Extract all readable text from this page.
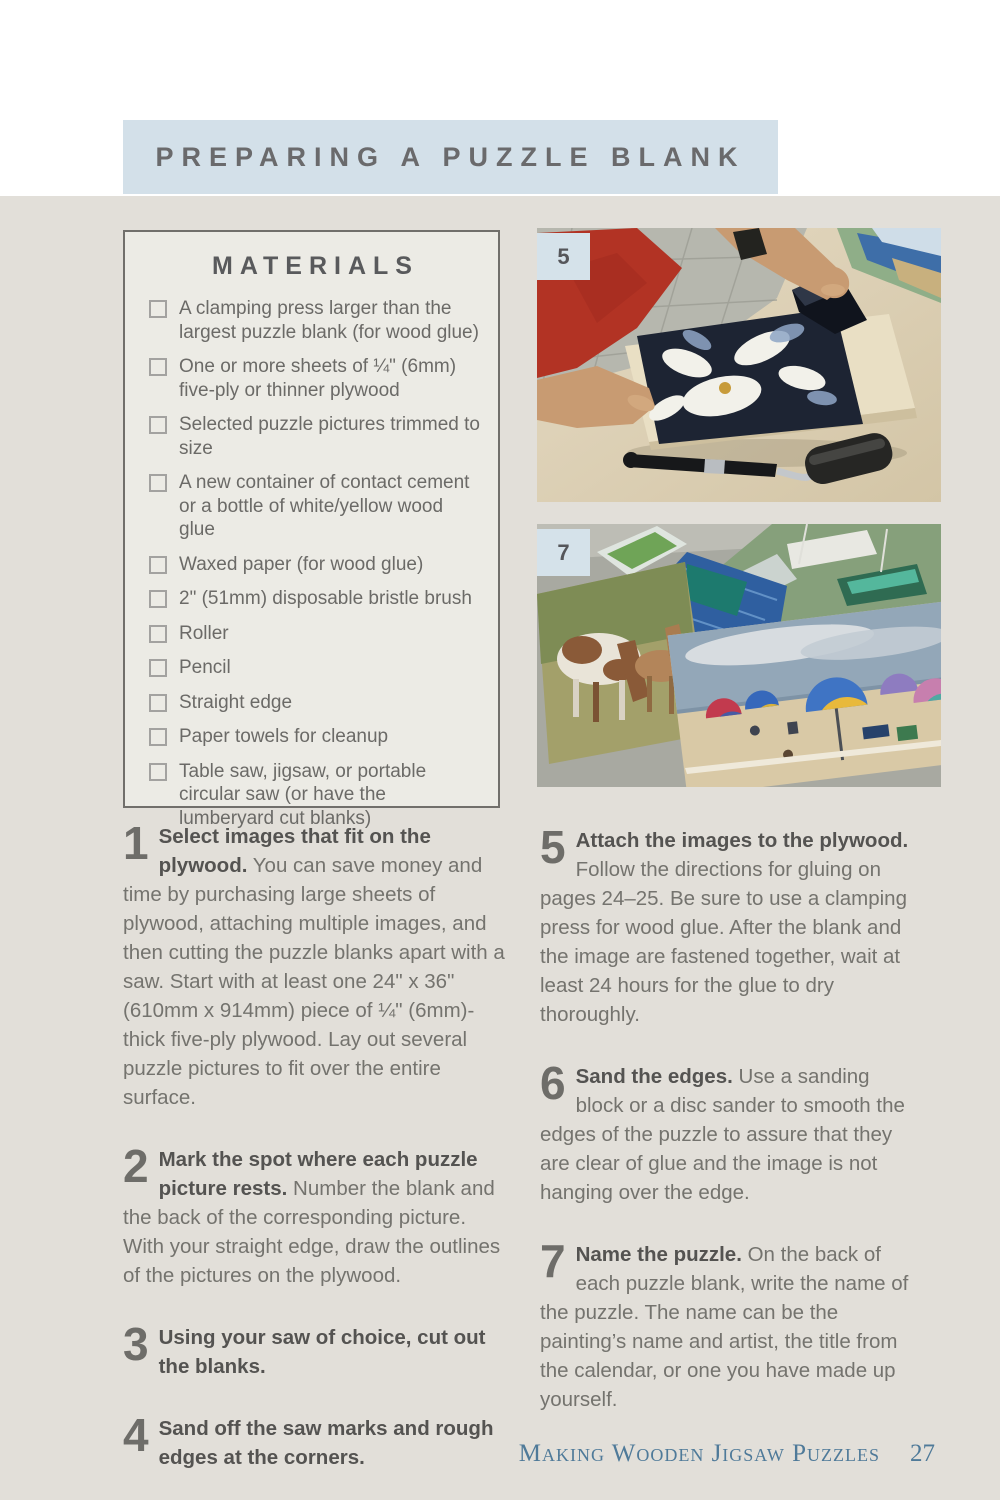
PREPARING A PUZZLE BLANK
MATERIALS
A clamping press larger than the largest puzzle blank (for wood glue)
One or more sheets of ¼" (6mm) five-ply or thinner plywood
Selected puzzle pictures trimmed to size
A new container of contact cement or a bottle of white/yellow wood glue
Waxed paper (for wood glue)
2" (51mm) disposable bristle brush
Roller
Pencil
Straight edge
Paper towels for cleanup
Table saw, jigsaw, or portable circular saw (or have the lumberyard cut blanks)
5
7

1 Select images that fit on the plywood. You can save money and time by purchasing large sheets of plywood, attaching multiple images, and then cutting the puzzle blanks apart with a saw. Start with at least one 24" x 36" (610mm x 914mm) piece of ¼" (6mm)-thick five-ply plywood. Lay out several puzzle pictures to fit over the entire surface.

2 Mark the spot where each puzzle picture rests. Number the blank and the back of the corresponding picture. With your straight edge, draw the outlines of the pictures on the plywood.

3 Using your saw of choice, cut out the blanks.

4 Sand off the saw marks and rough edges at the corners.

5 Attach the images to the plywood. Follow the directions for gluing on pages 24–25. Be sure to use a clamping press for wood glue. After the blank and the image are fastened together, wait at least 24 hours for the glue to dry thoroughly.

6 Sand the edges. Use a sanding block or a disc sander to smooth the edges of the puzzle to assure that they are clear of glue and the image is not hanging over the edge.

7 Name the puzzle. On the back of each puzzle blank, write the name of the puzzle. The name can be the painting’s name and artist, the title from the calendar, or one you have made up yourself.

Making Wooden Jigsaw Puzzles 27
